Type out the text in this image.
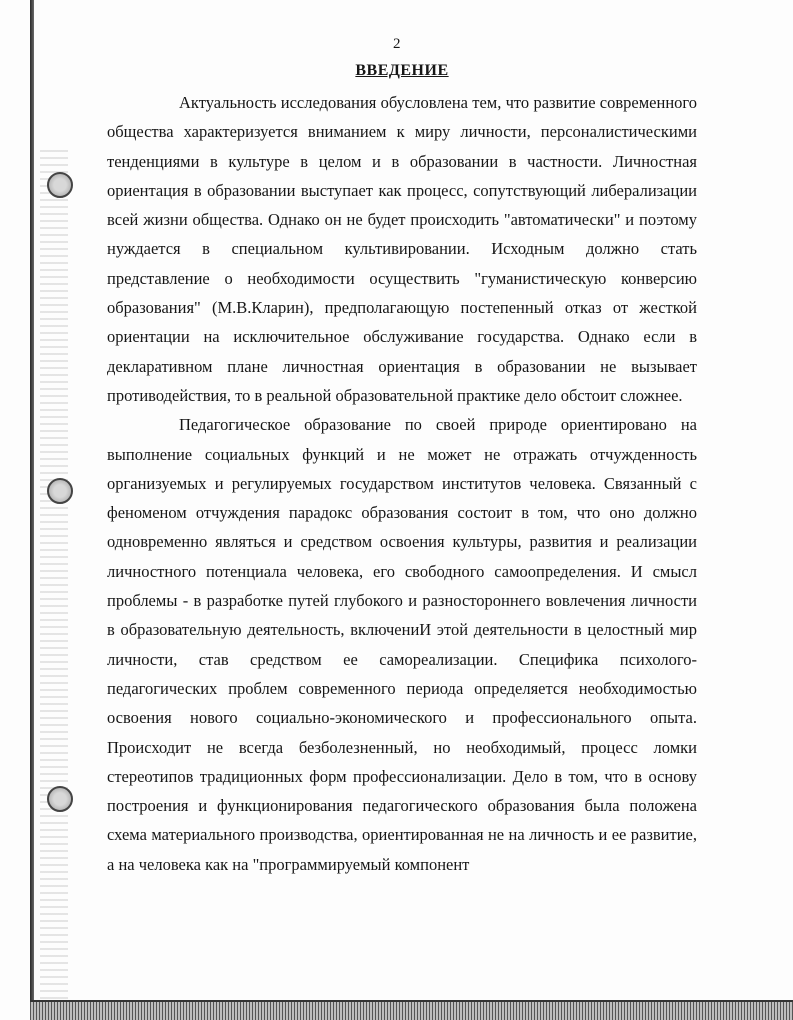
2
ВВЕДЕНИЕ

Актуальность исследования обусловлена тем, что развитие современного общества характеризуется вниманием к миру личности, персоналистическими тенденциями в культуре в целом и в образовании в частности. Личностная ориентация в образовании выступает как процесс, сопутствующий либерализации всей жизни общества. Однако он не будет происходить "автоматически" и поэтому нуждается в специальном культивировании. Исходным должно стать представление о необходимости осуществить "гуманистическую конверсию образования" (М.В.Кларин), предполагающую постепенный отказ от жесткой ориентации на исключительное обслуживание государства. Однако если в декларативном плане личностная ориентация в образовании не вызывает противодействия, то в реальной образовательной практике дело обстоит сложнее.

Педагогическое образование по своей природе ориентировано на выполнение социальных функций и не может не отражать отчужденность организуемых и регулируемых государством институтов человека. Связанный с феноменом отчуждения парадокс образования состоит в том, что оно должно одновременно являться и средством освоения культуры, развития и реализации личностного потенциала человека, его свободного самоопределения. И смысл проблемы - в разработке путей глубокого и разностороннего вовлечения личности в образовательную деятельность, включениИ этой деятельности в целостный мир личности, став средством ее самореализации. Специфика психолого-педагогических проблем современного периода определяется необходимостью освоения нового социально-экономического и профессионального опыта. Происходит не всегда безболезненный, но необходимый, процесс ломки стереотипов традиционных форм профессионализации. Дело в том, что в основу построения и функционирования педагогического образования была положена схема материального производства, ориентированная не на личность и ее развитие, а на человека как на "программируемый компонент
